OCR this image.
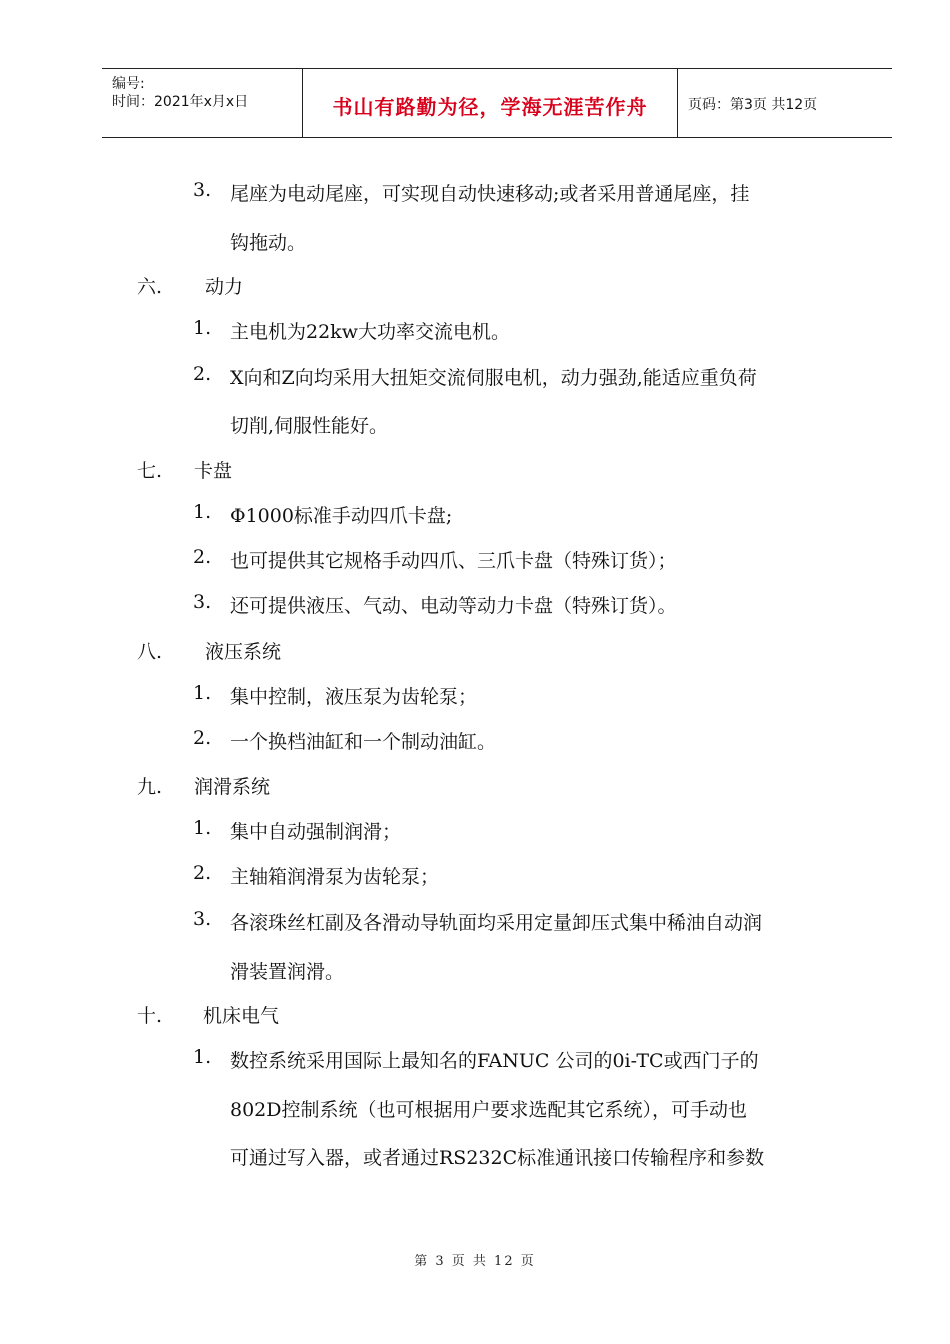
编号:
时间：2021年x月x日	书山有路勤为径，学海无涯苦作舟	页码：第3页 共12页
3. 尾座为电动尾座，可实现自动快速移动;或者采用普通尾座，挂
钩拖动。
六. 动力
1. 主电机为22kw大功率交流电机。
2. X向和Z向均采用大扭矩交流伺服电机，动力强劲,能适应重负荷
切削,伺服性能好。
七. 卡盘
1. Φ1000标准手动四爪卡盘;
2. 也可提供其它规格手动四爪、三爪卡盘（特殊订货）；
3. 还可提供液压、气动、电动等动力卡盘（特殊订货）。
八. 液压系统
1. 集中控制，液压泵为齿轮泵；
2. 一个换档油缸和一个制动油缸。
九. 润滑系统
1. 集中自动强制润滑；
2. 主轴箱润滑泵为齿轮泵；
3. 各滚珠丝杠副及各滑动导轨面均采用定量卸压式集中稀油自动润
滑装置润滑。
十. 机床电气
1. 数控系统采用国际上最知名的FANUC 公司的0i-TC或西门子的
802D控制系统（也可根据用户要求选配其它系统），可手动也
可通过写入器，或者通过RS232C标准通讯接口传输程序和参数
第 3 页 共 12 页
